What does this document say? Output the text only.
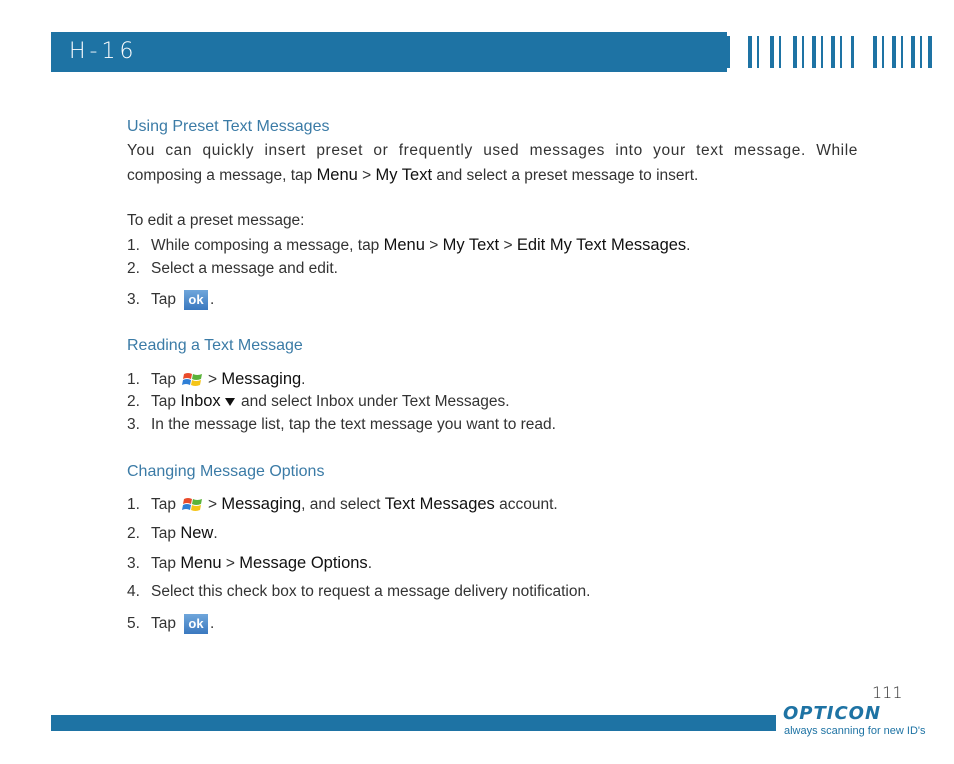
H-16
Using Preset Text Messages
You can quickly insert preset or frequently used messages into your text message. While
composing a message, tap Menu > My Text and select a preset message to insert.
To edit a preset message:
1. While composing a message, tap Menu > My Text > Edit My Text Messages.
2. Select a message and edit.
3. Tap ok .
Reading a Text Message
1. Tap > Messaging.
2. Tap Inbox and select Inbox under Text Messages.
3. In the message list, tap the text message you want to read.
Changing Message Options
1. Tap > Messaging, and select Text Messages account.
2. Tap New.
3. Tap Menu > Message Options.
4. Select this check box to request a message delivery notification.
5. Tap ok .
111
OPTICON
always scanning for new ID's
